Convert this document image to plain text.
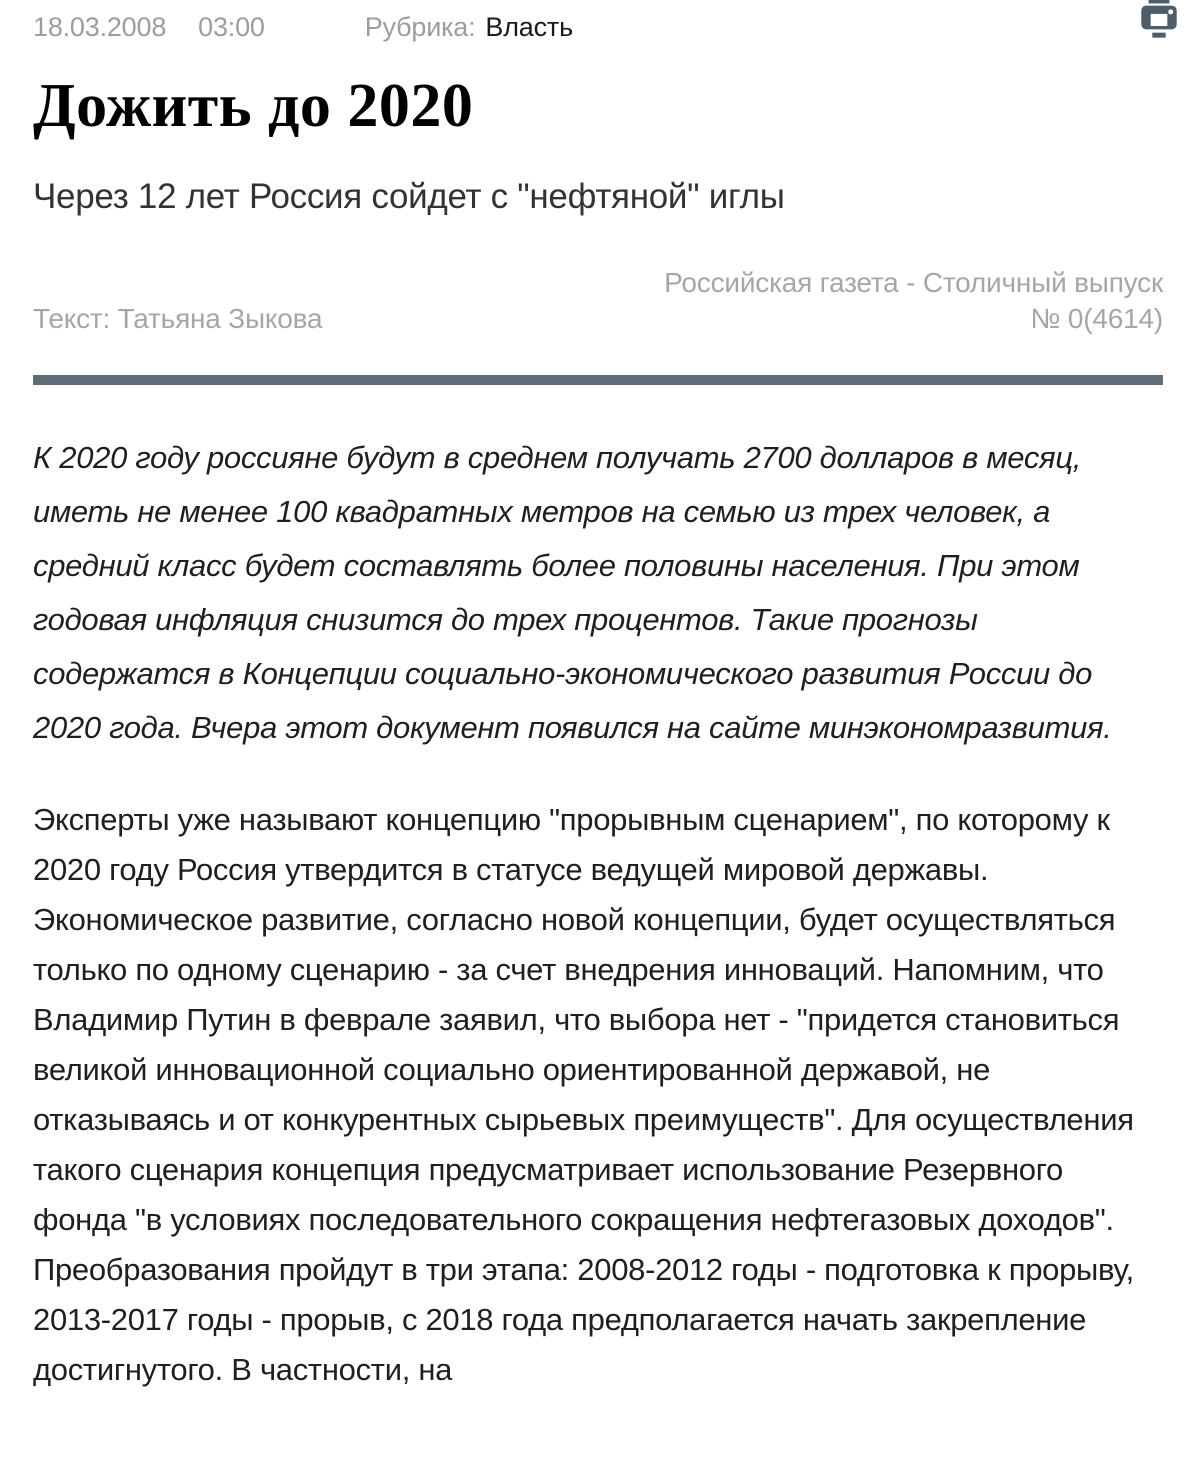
18.03.2008 03:00	Рубрика: Власть
Дожить до 2020
Через 12 лет Россия сойдет с "нефтяной" иглы
Текст: Татьяна Зыкова
Российская газета - Столичный выпуск
№ 0(4614)

К 2020 году россияне будут в среднем получать 2700 долларов в месяц, иметь не менее 100 квадратных метров на семью из трех человек, а средний класс будет составлять более половины населения. При этом годовая инфляция снизится до трех процентов. Такие прогнозы содержатся в Концепции социально-экономического развития России до 2020 года. Вчера этот документ появился на сайте минэкономразвития.

Эксперты уже называют концепцию "прорывным сценарием", по которому к 2020 году Россия утвердится в статусе ведущей мировой державы. Экономическое развитие, согласно новой концепции, будет осуществляться только по одному сценарию - за счет внедрения инноваций. Напомним, что Владимир Путин в феврале заявил, что выбора нет - "придется становиться великой инновационной социально ориентированной державой, не отказываясь и от конкурентных сырьевых преимуществ". Для осуществления такого сценария концепция предусматривает использование Резервного фонда "в условиях последовательного сокращения нефтегазовых доходов". Преобразования пройдут в три этапа: 2008-2012 годы - подготовка к прорыву, 2013-2017 годы - прорыв, с 2018 года предполагается начать закрепление достигнутого. В частности, на
